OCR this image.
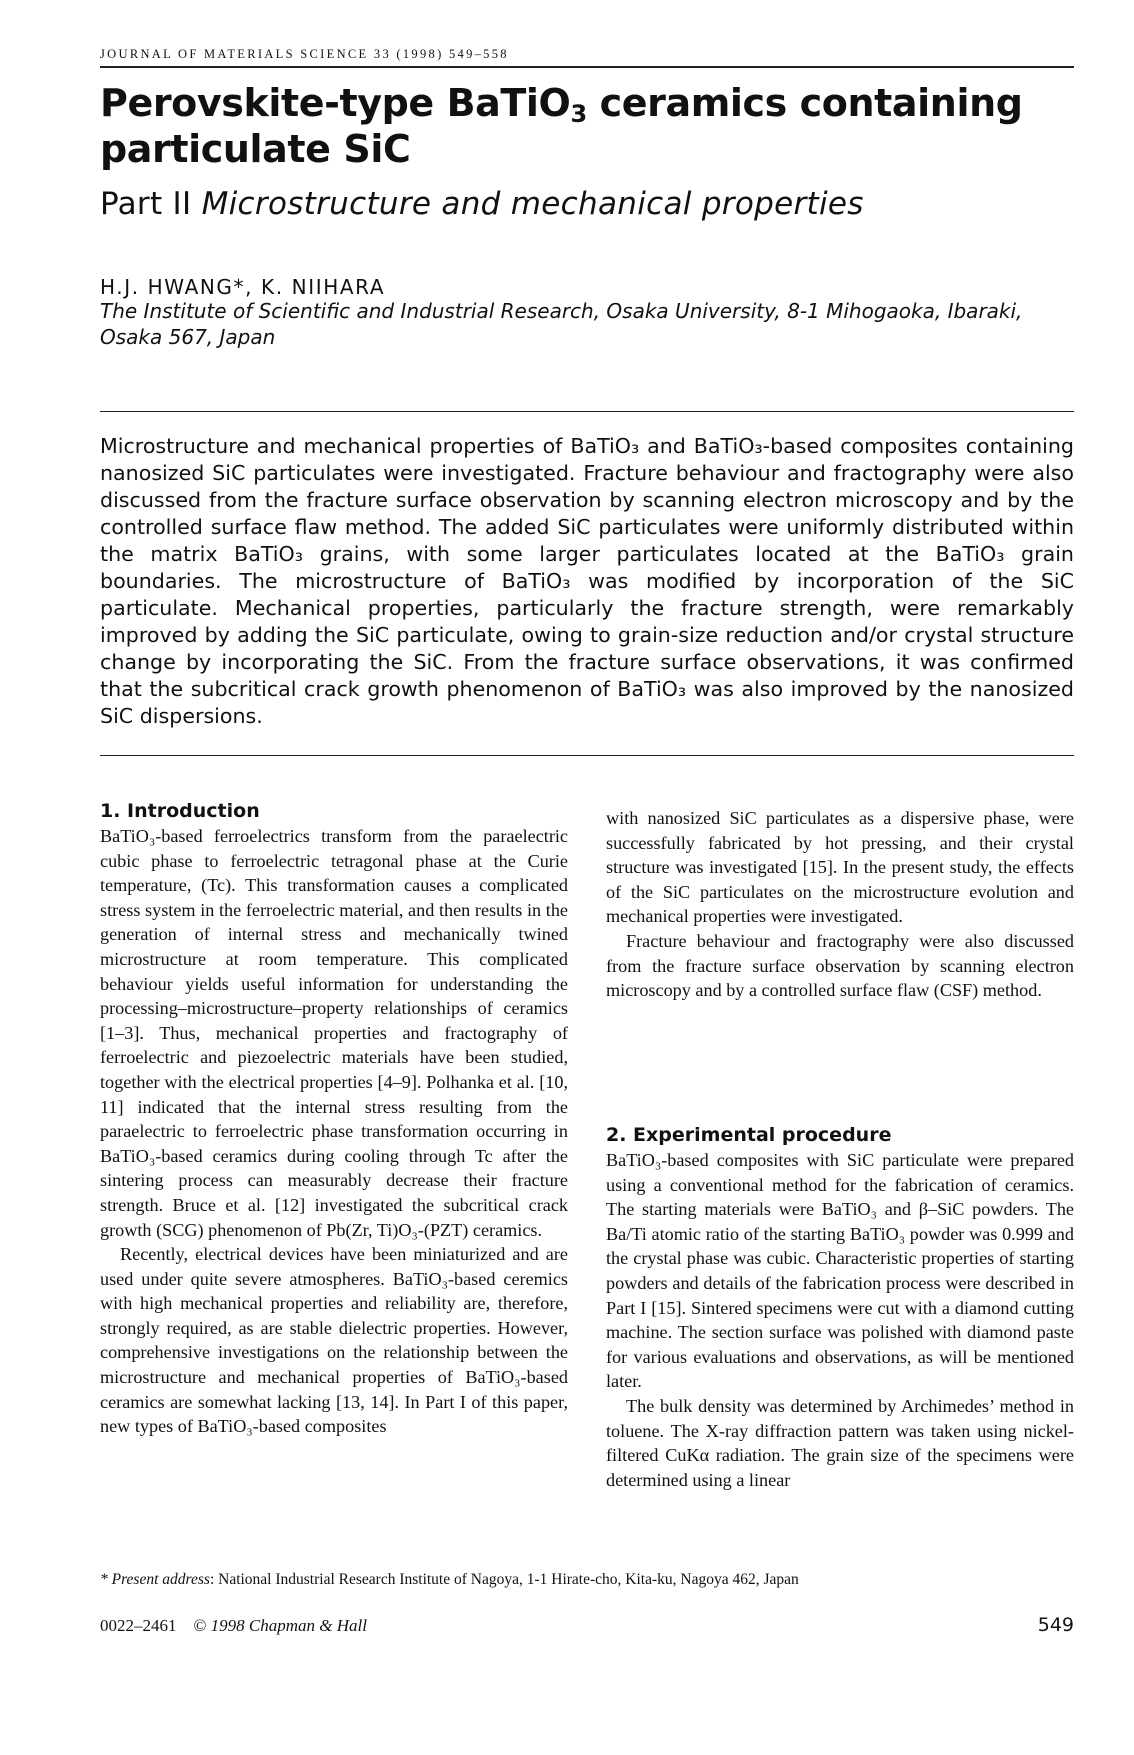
JOURNAL OF MATERIALS SCIENCE 33 (1998) 549–558
Perovskite-type BaTiO$_3$ ceramics containing
particulate SiC
Part II Microstructure and mechanical properties
H.J. HWANG*, K. NIIHARA
The Institute of Scientific and Industrial Research, Osaka University, 8-1 Mihogaoka, Ibaraki,
Osaka 567, Japan
Microstructure and mechanical properties of BaTiO₃ and BaTiO₃-based composites containing nanosized SiC particulates were investigated. Fracture behaviour and fractography were also discussed from the fracture surface observation by scanning electron microscopy and by the controlled surface flaw method. The added SiC particulates were uniformly distributed within the matrix BaTiO₃ grains, with some larger particulates located at the BaTiO₃ grain boundaries. The microstructure of BaTiO₃ was modified by incorporation of the SiC particulate. Mechanical properties, particularly the fracture strength, were remarkably improved by adding the SiC particulate, owing to grain-size reduction and/or crystal structure change by incorporating the SiC. From the fracture surface observations, it was confirmed that the subcritical crack growth phenomenon of BaTiO₃ was also improved by the nanosized SiC dispersions.
1. Introduction

BaTiO₃-based ferroelectrics transform from the paraelectric cubic phase to ferroelectric tetragonal phase at the Curie temperature, (Tc). This transformation causes a complicated stress system in the ferroelectric material, and then results in the generation of internal stress and mechanically twined microstructure at room temperature. This complicated behaviour yields useful information for understanding the processing–microstructure–property relationships of ceramics [1–3]. Thus, mechanical properties and fractography of ferroelectric and piezoelectric materials have been studied, together with the electrical properties [4–9]. Polhanka et al. [10, 11] indicated that the internal stress resulting from the paraelectric to ferroelectric phase transformation occurring in BaTiO₃-based ceramics during cooling through Tc after the sintering process can measurably decrease their fracture strength. Bruce et al. [12] investigated the subcritical crack growth (SCG) phenomenon of Pb(Zr, Ti)O₃-(PZT) ceramics.

Recently, electrical devices have been miniaturized and are used under quite severe atmospheres. BaTiO₃-based ceremics with high mechanical properties and reliability are, therefore, strongly required, as are stable dielectric properties. However, comprehensive investigations on the relationship between the microstructure and mechanical properties of BaTiO₃-based ceramics are somewhat lacking [13, 14]. In Part I of this paper, new types of BaTiO₃-based composites

with nanosized SiC particulates as a dispersive phase, were successfully fabricated by hot pressing, and their crystal structure was investigated [15]. In the present study, the effects of the SiC particulates on the microstructure evolution and mechanical properties were investigated.

Fracture behaviour and fractography were also discussed from the fracture surface observation by scanning electron microscopy and by a controlled surface flaw (CSF) method.

2. Experimental procedure

BaTiO₃-based composites with SiC particulate were prepared using a conventional method for the fabrication of ceramics. The starting materials were BaTiO₃ and β–SiC powders. The Ba/Ti atomic ratio of the starting BaTiO₃ powder was 0.999 and the crystal phase was cubic. Characteristic properties of starting powders and details of the fabrication process were described in Part I [15]. Sintered specimens were cut with a diamond cutting machine. The section surface was polished with diamond paste for various evaluations and observations, as will be mentioned later.

The bulk density was determined by Archimedes’ method in toluene. The X-ray diffraction pattern was taken using nickel-filtered CuKα radiation. The grain size of the specimens were determined using a linear

* Present address: National Industrial Research Institute of Nagoya, 1-1 Hirate-cho, Kita-ku, Nagoya 462, Japan
0022–2461 © 1998 Chapman & Hall	549
